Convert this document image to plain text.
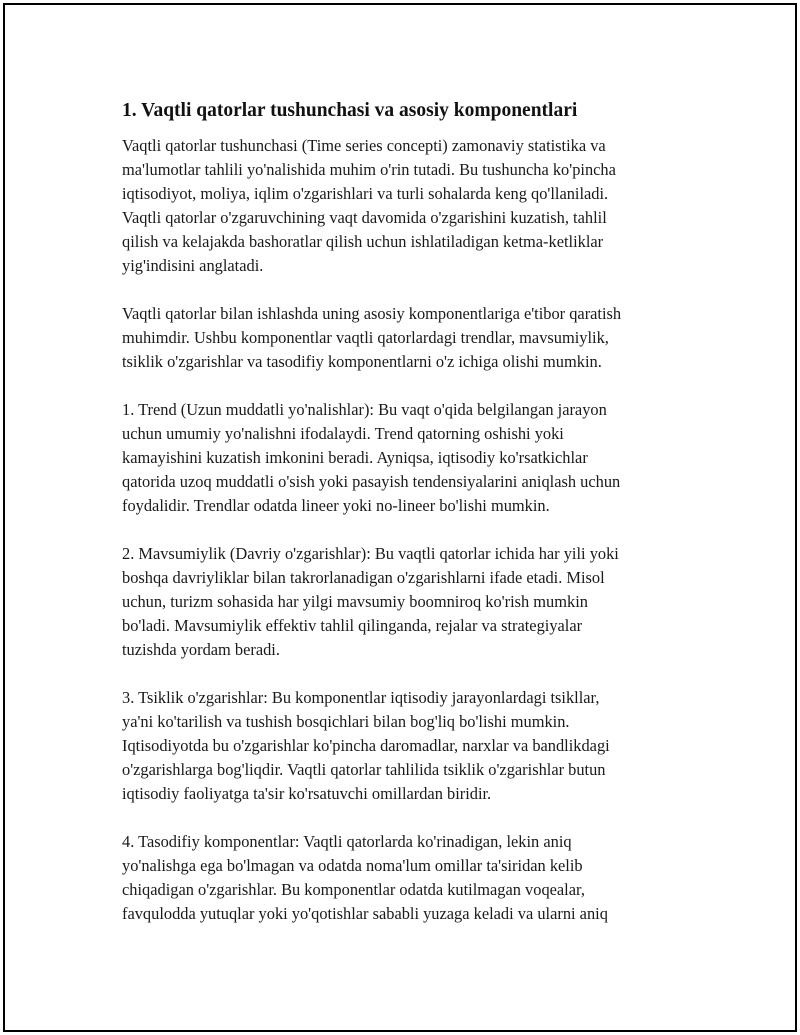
1. Vaqtli qatorlar tushunchasi va asosiy komponentlari

Vaqtli qatorlar tushunchasi (Time series concepti) zamonaviy statistika va
ma'lumotlar tahlili yo'nalishida muhim o'rin tutadi. Bu tushuncha ko'pincha
iqtisodiyot, moliya, iqlim o'zgarishlari va turli sohalarda keng qo'llaniladi.
Vaqtli qatorlar o'zgaruvchining vaqt davomida o'zgarishini kuzatish, tahlil
qilish va kelajakda bashoratlar qilish uchun ishlatiladigan ketma-ketliklar
yig'indisini anglatadi.

Vaqtli qatorlar bilan ishlashda uning asosiy komponentlariga e'tibor qaratish
muhimdir. Ushbu komponentlar vaqtli qatorlardagi trendlar, mavsumiylik,
tsiklik o'zgarishlar va tasodifiy komponentlarni o'z ichiga olishi mumkin.

1. Trend (Uzun muddatli yo'nalishlar): Bu vaqt o'qida belgilangan jarayon
uchun umumiy yo'nalishni ifodalaydi. Trend qatorning oshishi yoki
kamayishini kuzatish imkonini beradi. Ayniqsa, iqtisodiy ko'rsatkichlar
qatorida uzoq muddatli o'sish yoki pasayish tendensiyalarini aniqlash uchun
foydalidir. Trendlar odatda lineer yoki no-lineer bo'lishi mumkin.

2. Mavsumiylik (Davriy o'zgarishlar): Bu vaqtli qatorlar ichida har yili yoki
boshqa davriyliklar bilan takrorlanadigan o'zgarishlarni ifade etadi. Misol
uchun, turizm sohasida har yilgi mavsumiy boomniroq ko'rish mumkin
bo'ladi. Mavsumiylik effektiv tahlil qilinganda, rejalar va strategiyalar
tuzishda yordam beradi.

3. Tsiklik o'zgarishlar: Bu komponentlar iqtisodiy jarayonlardagi tsikllar,
ya'ni ko'tarilish va tushish bosqichlari bilan bog'liq bo'lishi mumkin.
Iqtisodiyotda bu o'zgarishlar ko'pincha daromadlar, narxlar va bandlikdagi
o'zgarishlarga bog'liqdir. Vaqtli qatorlar tahlilida tsiklik o'zgarishlar butun
iqtisodiy faoliyatga ta'sir ko'rsatuvchi omillardan biridir.

4. Tasodifiy komponentlar: Vaqtli qatorlarda ko'rinadigan, lekin aniq
yo'nalishga ega bo'lmagan va odatda noma'lum omillar ta'siridan kelib
chiqadigan o'zgarishlar. Bu komponentlar odatda kutilmagan voqealar,
favqulodda yutuqlar yoki yo'qotishlar sababli yuzaga keladi va ularni aniq
